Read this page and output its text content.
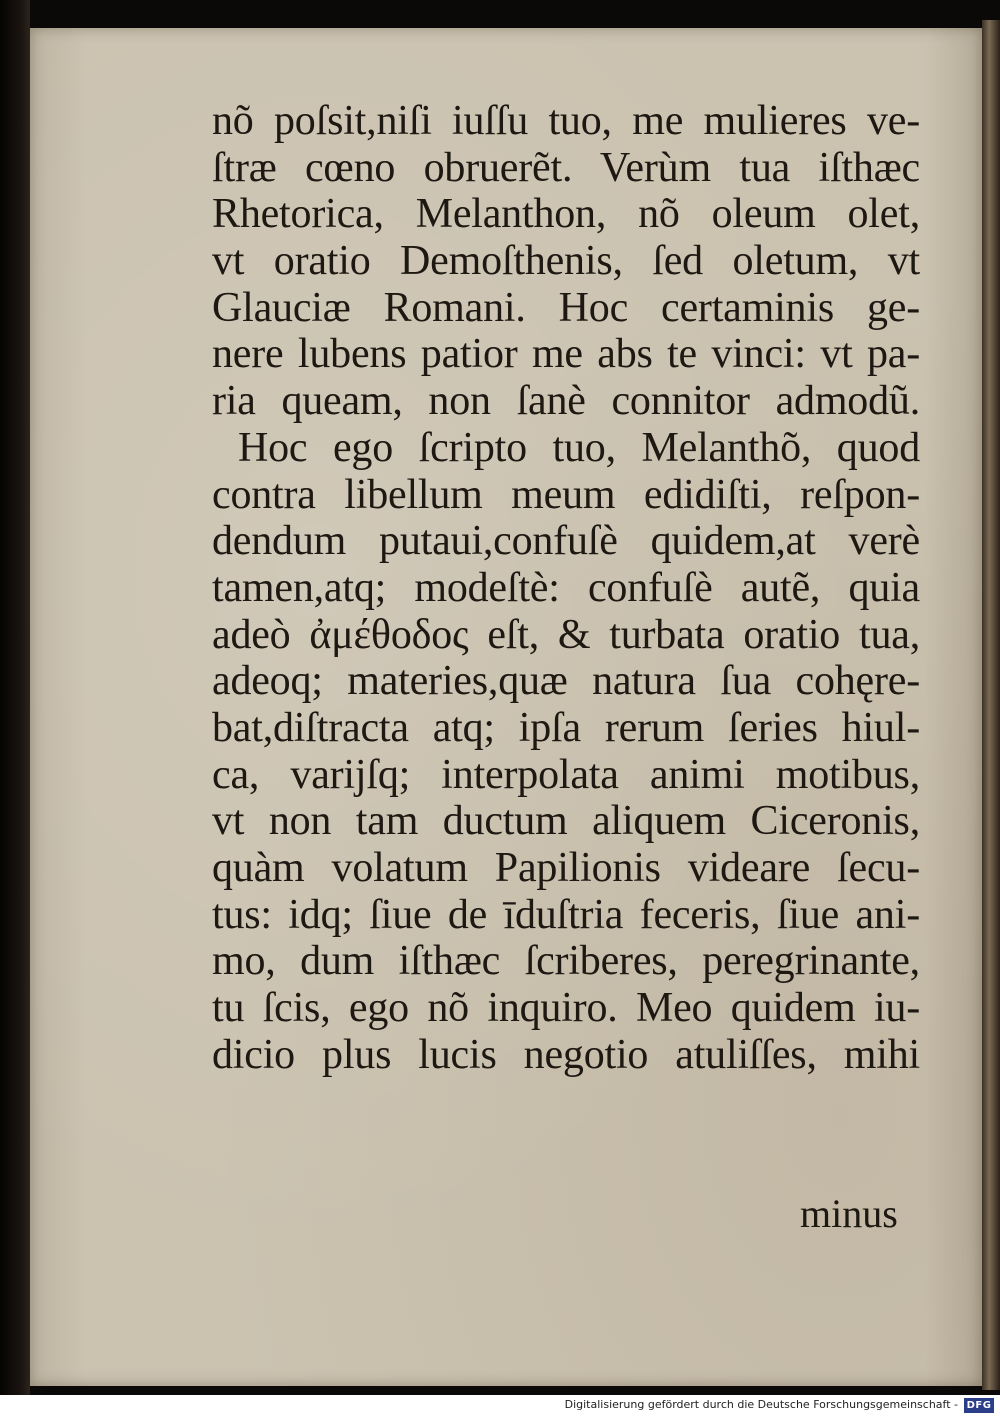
nõ poſsit,niſi iuſſu tuo, me mulieres ve-
ſtræ cœno obruerẽt. Verùm tua iſthæc
Rhetorica, Melanthon, nõ oleum olet,
vt oratio Demoſthenis, ſed oletum, vt
Glauciæ Romani. Hoc certaminis ge-
nere lubens patior me abs te vinci: vt pa-
ria queam, non ſanè connitor admodũ.
Hoc ego ſcripto tuo, Melanthõ, quod
contra libellum meum edidiſti, reſpon-
dendum putaui,confuſè quidem,at verè
tamen,atq; modeſtè: confuſè autẽ, quia
adeò ἀμέθοδος eſt, & turbata oratio tua,
adeoq; materies,quæ natura ſua cohęre-
bat,diſtracta atq; ipſa rerum ſeries hiul-
ca, varijſq; interpolata animi motibus,
vt non tam ductum aliquem Ciceronis,
quàm volatum Papilionis videare ſecu-
tus: idq; ſiue de īduſtria feceris, ſiue ani-
mo, dum iſthæc ſcriberes, peregrinante,
tu ſcis, ego nõ inquiro. Meo quidem iu-
dicio plus lucis negotio atuliſſes, mihi
minus
Digitalisierung gefördert durch die Deutsche Forschungsgemeinschaft - DFG
